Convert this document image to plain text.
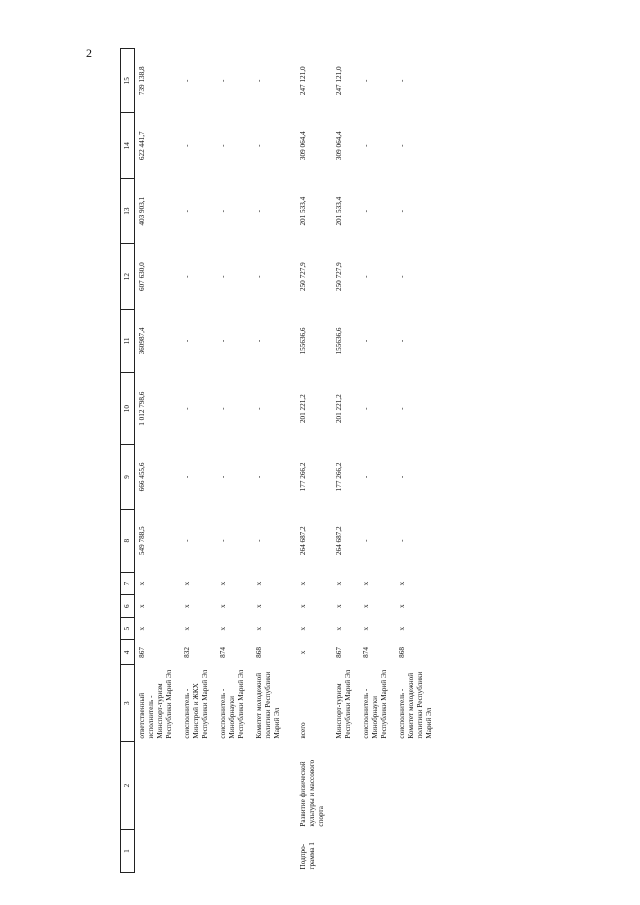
2
1	2	3	4	5	6	7	8	9	10	11	12	13	14	15
		ответственный исполнитель - Минспорт-туризм Республики Марий Эл	867	х	х	х	549 788,5	666 455,6	1 012 798,6	360987,4	607 630,0	403 903,1	622 441,7	739 138,8
		соисполнитель - Минстрой и ЖКХ Республики Марий Эл	832	х	х	х	-	-	-	-	-	-	-	-
		соисполнитель - Минобрнауки Республики Марий Эл	874	х	х	х	-	-	-	-	-	-	-	-
		Комитет молодежной политики Республики Марий Эл	868	х	х	х	-	-	-	-	-	-	-	-
Подпро-грамма 1	Развитие физической культуры и массового спорта	всего	х	х	х	х	264 687,2	177 266,2	201 221,2	155636,6	250 727,9	201 533,4	309 064,4	247 121,0
		Минспорт-туризм Республики Марий Эл	867	х	х	х	264 687,2	177 266,2	201 221,2	155636,6	250 727,9	201 533,4	309 064,4	247 121,0
		соисполнитель - Минобрнауки Республики Марий Эл	874	х	х	х	-	-	-	-	-	-	-	-
		соисполнитель - Комитет молодежной политики Республики Марий Эл	868	х	х	х	-	-	-	-	-	-	-	-
